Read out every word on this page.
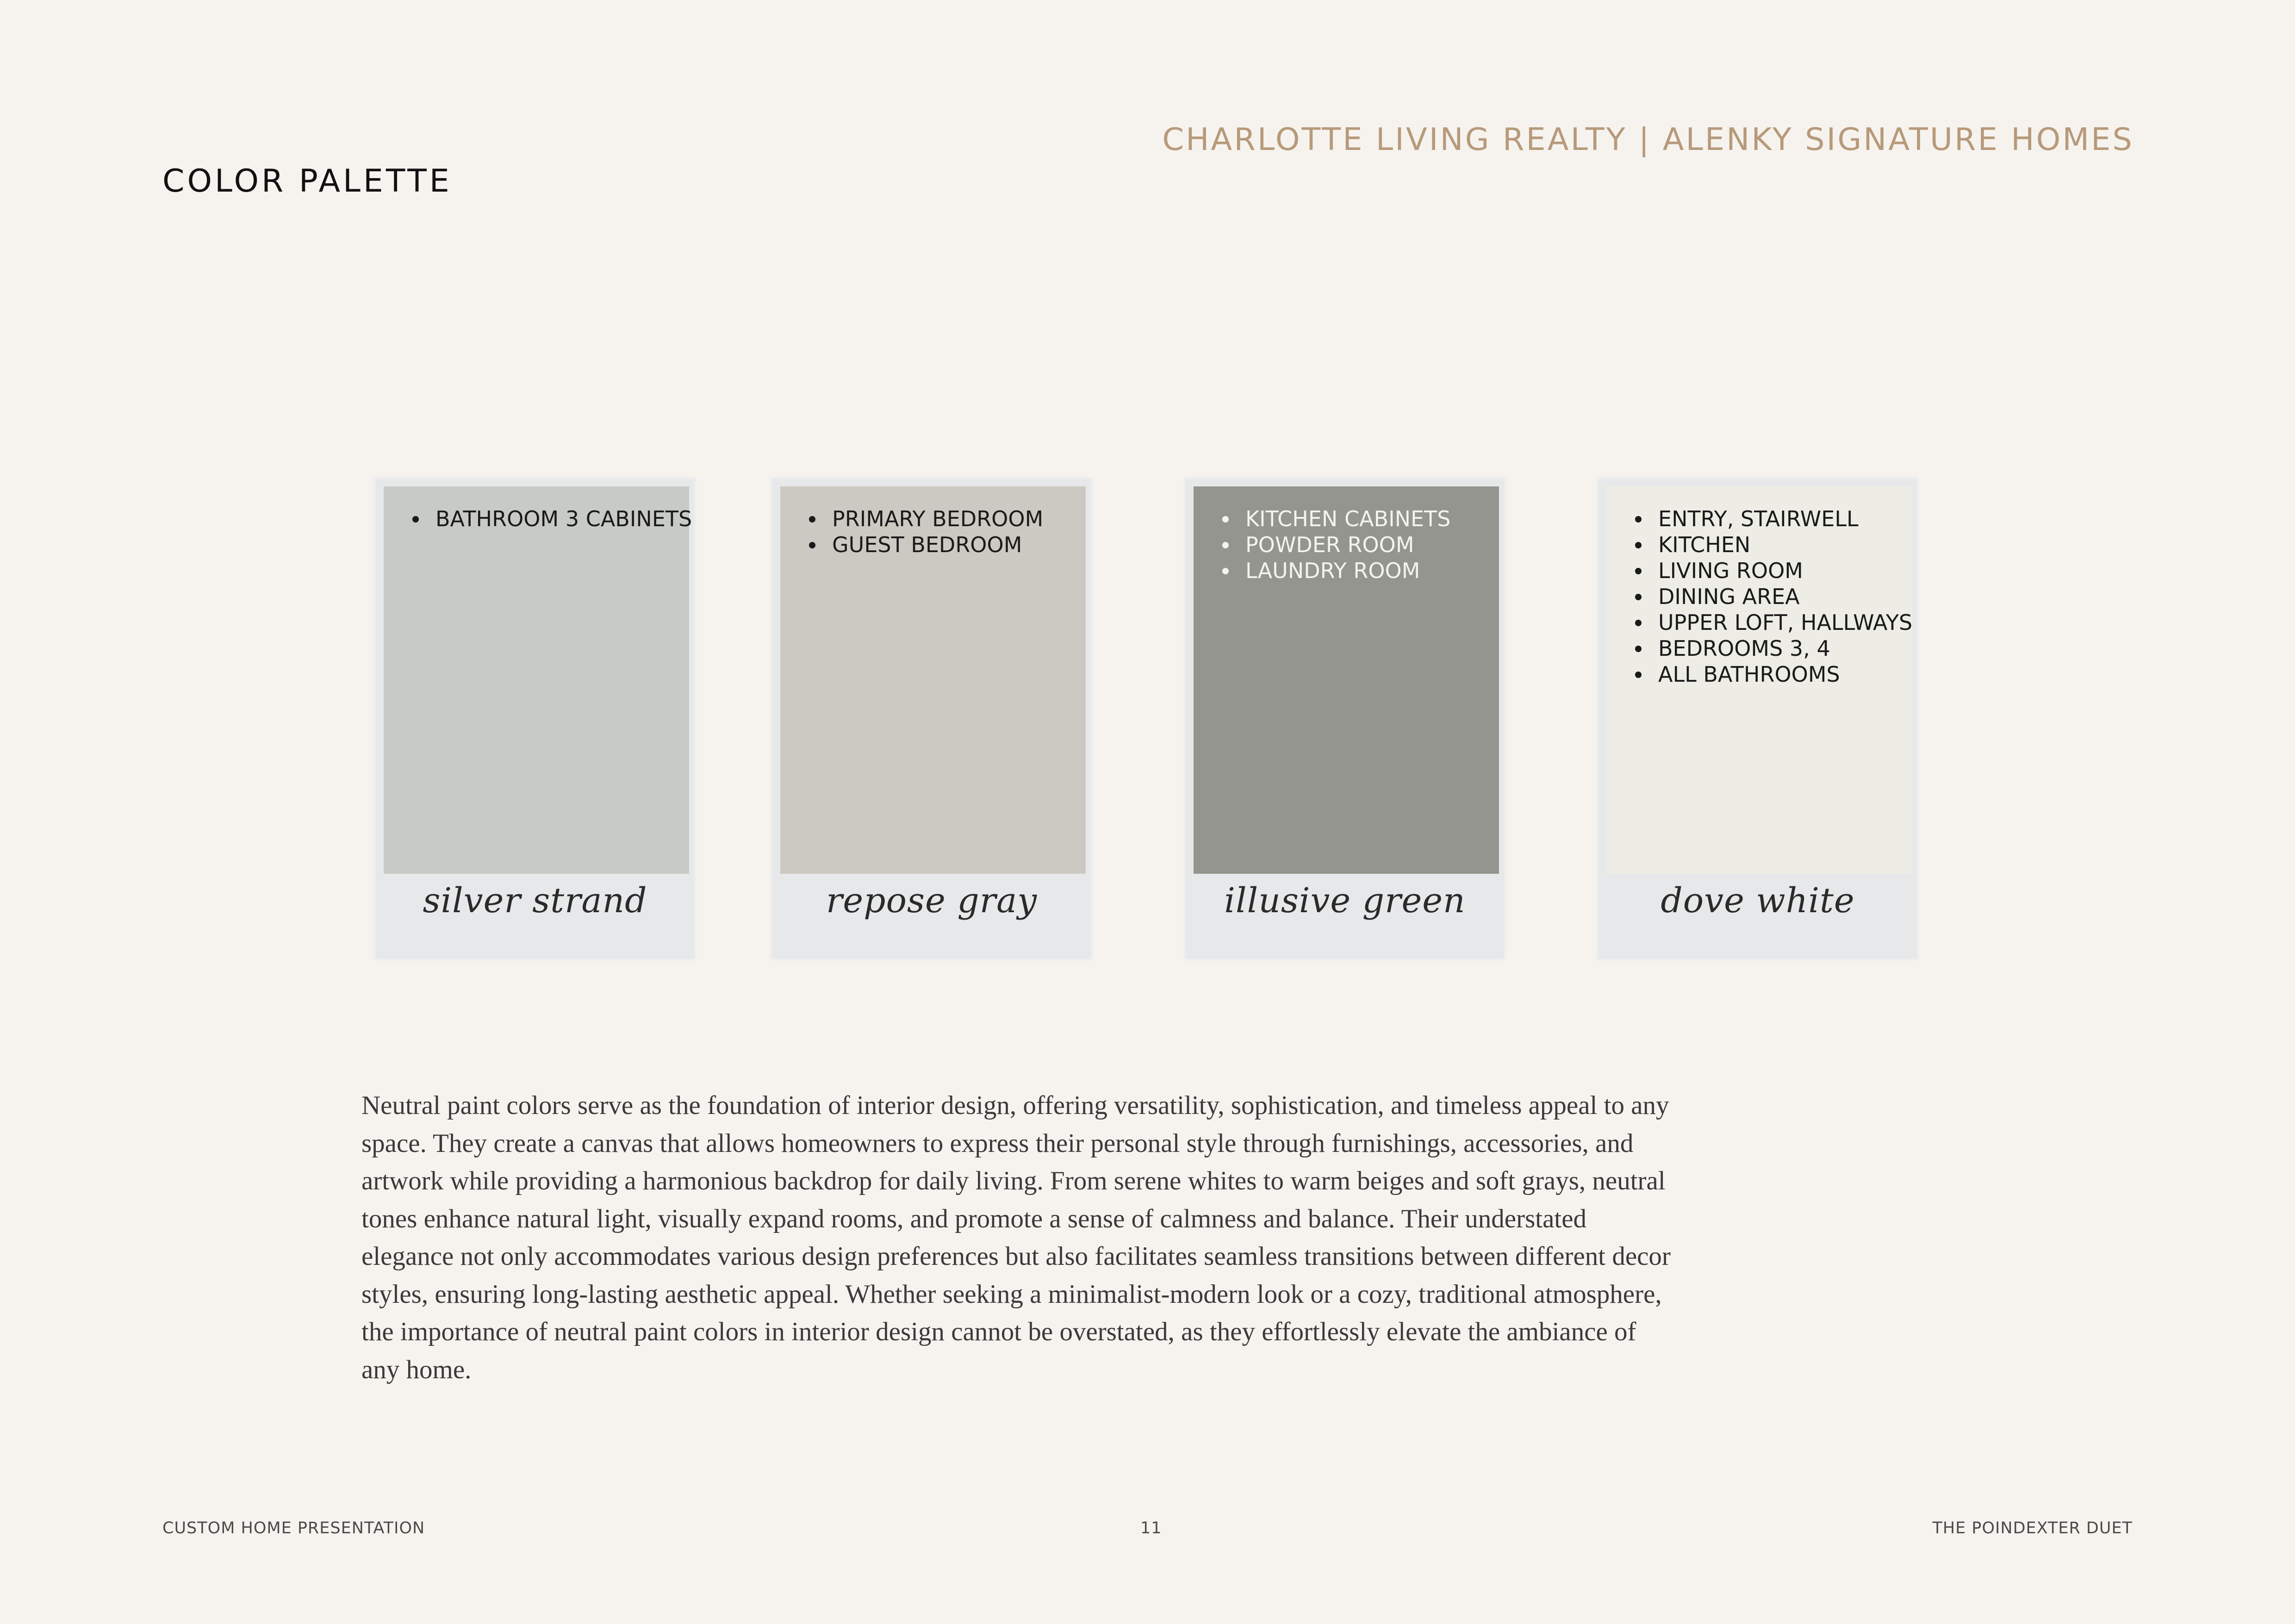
COLOR PALETTE
CHARLOTTE LIVING REALTY | ALENKY SIGNATURE HOMES
BATHROOM 3 CABINETS
silver strand
PRIMARY BEDROOM
GUEST BEDROOM
repose gray
KITCHEN CABINETS
POWDER ROOM
LAUNDRY ROOM
illusive green
ENTRY, STAIRWELL
KITCHEN
LIVING ROOM
DINING AREA
UPPER LOFT, HALLWAYS
BEDROOMS 3, 4
ALL BATHROOMS
dove white

Neutral paint colors serve as the foundation of interior design, offering versatility, sophistication, and timeless appeal to any space. They create a canvas that allows homeowners to express their personal style through furnishings, accessories, and artwork while providing a harmonious backdrop for daily living. From serene whites to warm beiges and soft grays, neutral tones enhance natural light, visually expand rooms, and promote a sense of calmness and balance. Their understated elegance not only accommodates various design preferences but also facilitates seamless transitions between different decor styles, ensuring long-lasting aesthetic appeal. Whether seeking a minimalist-modern look or a cozy, traditional atmosphere, the importance of neutral paint colors in interior design cannot be overstated, as they effortlessly elevate the ambiance of any home.

CUSTOM HOME PRESENTATION	11	THE POINDEXTER DUET
